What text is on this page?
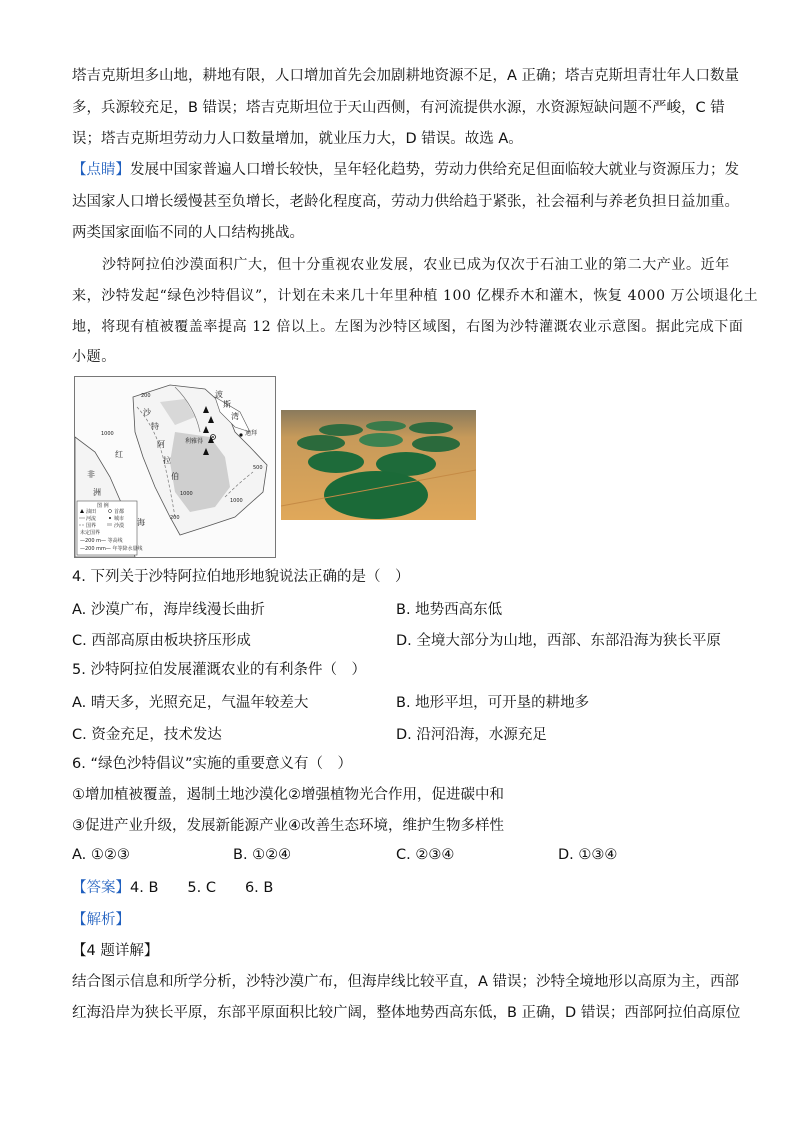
塔吉克斯坦多山地，耕地有限，人口增加首先会加剧耕地资源不足，A 正确；塔吉克斯坦青壮年人口数量
多，兵源较充足，B 错误；塔吉克斯坦位于天山西侧，有河流提供水源，水资源短缺问题不严峻，C 错
误；塔吉克斯坦劳动力人口数量增加，就业压力大，D 错误。故选 A。
【点睛】发展中国家普遍人口增长较快，呈年轻化趋势，劳动力供给充足但面临较大就业与资源压力；发
达国家人口增长缓慢甚至负增长，老龄化程度高，劳动力供给趋于紧张，社会福利与养老负担日益加重。
两类国家面临不同的人口结构挑战。
沙特阿拉伯沙漠面积广大，但十分重视农业发展，农业已成为仅次于石油工业的第二大产业。近年
来，沙特发起“绿色沙特倡议”，计划在未来几十年里种植 100 亿棵乔木和灌木，恢复 4000 万公顷退化土
地，将现有植被覆盖率提高 12 倍以上。左图为沙特区域图，右图为沙特灌溉农业示意图。据此完成下面
小题。
沙
特
阿
拉
伯
波
斯
湾
利雅得
迪拜
红
海
非
洲
200
1000
1000
200
500
1000
图 例
油田	首都
河流	城市
国界	沙漠
未定国界
—200 m— 等高线
—200 mm— 年等降水量线
4. 下列关于沙特阿拉伯地形地貌说法正确的是（　）
A. 沙漠广布，海岸线漫长曲折	B. 地势西高东低
C. 西部高原由板块挤压形成	D. 全境大部分为山地，西部、东部沿海为狭长平原
5. 沙特阿拉伯发展灌溉农业的有利条件（　）
A. 晴天多，光照充足，气温年较差大	B. 地形平坦，可开垦的耕地多
C. 资金充足，技术发达	D. 沿河沿海，水源充足
6. “绿色沙特倡议”实施的重要意义有（　）
①增加植被覆盖，遏制土地沙漠化②增强植物光合作用，促进碳中和
③促进产业升级，发展新能源产业④改善生态环境，维护生物多样性
A. ①②③	B. ①②④	C. ②③④	D. ①③④
【答案】4. B　　5. C　　6. B
【解析】
【4 题详解】
结合图示信息和所学分析，沙特沙漠广布，但海岸线比较平直，A 错误；沙特全境地形以高原为主，西部
红海沿岸为狭长平原，东部平原面积比较广阔，整体地势西高东低，B 正确，D 错误；西部阿拉伯高原位
